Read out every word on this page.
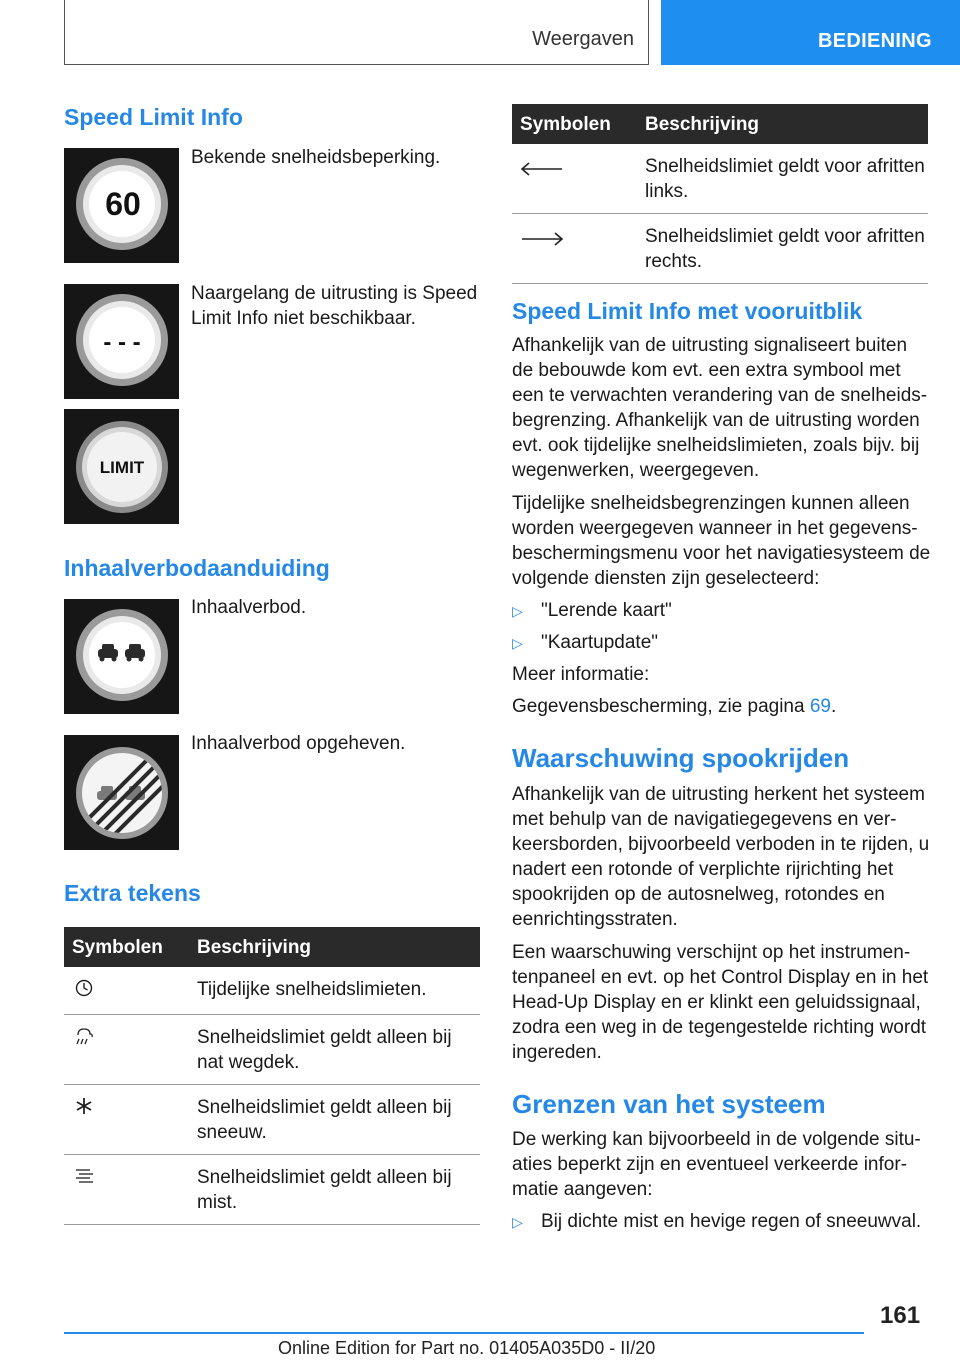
Weergaven	BEDIENING
Speed Limit Info
60
Bekende snelheidsbeperking.
- - -
Naargelang de uitrusting is Speed Limit Info niet beschikbaar.
LIMIT
Inhaalverbodaanduiding
Inhaalverbod.
Inhaalverbod opgeheven.
Extra tekens
Symbolen	Beschrijving
	Tijdelijke snelheidslimieten.
	Snelheidslimiet geldt alleen bij nat wegdek.
	Snelheidslimiet geldt alleen bij sneeuw.
	Snelheidslimiet geldt alleen bij mist.
Symbolen	Beschrijving
	Snelheidslimiet geldt voor afritten links.
	Snelheidslimiet geldt voor afritten rechts.
Speed Limit Info met vooruitblik

Afhankelijk van de uitrusting signaliseert buiten de bebouwde kom evt. een extra symbool met een te verwachten verandering van de snelheidsbegrenzing. Afhankelijk van de uitrusting worden evt. ook tijdelijke snelheidslimieten, zoals bijv. bij wegenwerken, weergegeven.

Tijdelijke snelheidsbegrenzingen kunnen alleen worden weergegeven wanneer in het gegevensbeschermingsmenu voor het navigatiesysteem de volgende diensten zijn geselecteerd:

▷ "Lerende kaart"
▷ "Kaartupdate"

Meer informatie:

Gegevensbescherming, zie pagina 69.

Waarschuwing spookrijden

Afhankelijk van de uitrusting herkent het systeem met behulp van de navigatiegegevens en verkeersborden, bijvoorbeeld verboden in te rijden, u nadert een rotonde of verplichte rijrichting het spookrijden op de autosnelweg, rotondes en eenrichtingsstraten.

Een waarschuwing verschijnt op het instrumentenpaneel en evt. op het Control Display en in het Head-Up Display en er klinkt een geluidssignaal, zodra een weg in de tegengestelde richting wordt ingereden.

Grenzen van het systeem

De werking kan bijvoorbeeld in de volgende situaties beperkt zijn en eventueel verkeerde informatie aangeven:

▷ Bij dichte mist en hevige regen of sneeuwval.
161
Online Edition for Part no. 01405A035D0 - II/20
